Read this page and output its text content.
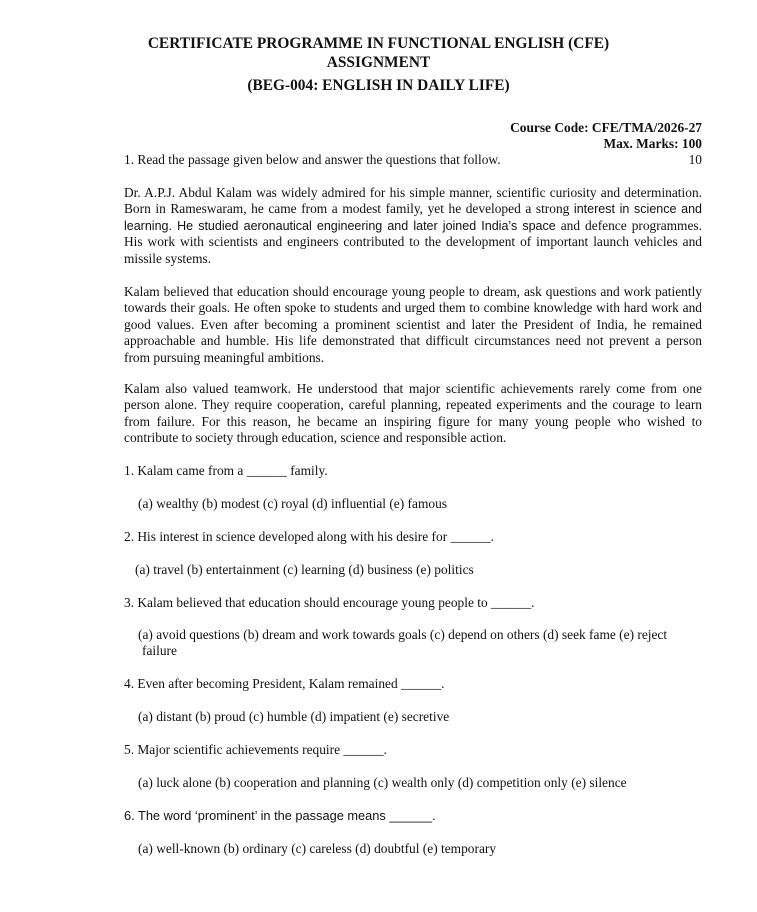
CERTIFICATE PROGRAMME IN FUNCTIONAL ENGLISH (CFE)

ASSIGNMENT

(BEG-004: ENGLISH IN DAILY LIFE)

Course Code: CFE/TMA/2026-27

Max. Marks: 100

1. Read the passage given below and answer the questions that follow.	10

Dr. A.P.J. Abdul Kalam was widely admired for his simple manner, scientific curiosity and determination. Born in Rameswaram, he came from a modest family, yet he developed a strong interest in science and learning. He studied aeronautical engineering and later joined India’s space and defence programmes. His work with scientists and engineers contributed to the development of important launch vehicles and missile systems.

Kalam believed that education should encourage young people to dream, ask questions and work patiently towards their goals. He often spoke to students and urged them to combine knowledge with hard work and good values. Even after becoming a prominent scientist and later the President of India, he remained approachable and humble. His life demonstrated that difficult circumstances need not prevent a person from pursuing meaningful ambitions.

Kalam also valued teamwork. He understood that major scientific achievements rarely come from one person alone. They require cooperation, careful planning, repeated experiments and the courage to learn from failure. For this reason, he became an inspiring figure for many young people who wished to contribute to society through education, science and responsible action.

1. Kalam came from a ______ family.

(a) wealthy (b) modest (c) royal (d) influential (e) famous

2. His interest in science developed along with his desire for ______.

(a) travel (b) entertainment (c) learning (d) business (e) politics

3. Kalam believed that education should encourage young people to ______.

(a) avoid questions (b) dream and work towards goals (c) depend on others (d) seek fame (e) reject

failure

4. Even after becoming President, Kalam remained ______.

(a) distant (b) proud (c) humble (d) impatient (e) secretive

5. Major scientific achievements require ______.

(a) luck alone (b) cooperation and planning (c) wealth only (d) competition only (e) silence

6. The word ‘prominent’ in the passage means ______.

(a) well-known (b) ordinary (c) careless (d) doubtful (e) temporary
